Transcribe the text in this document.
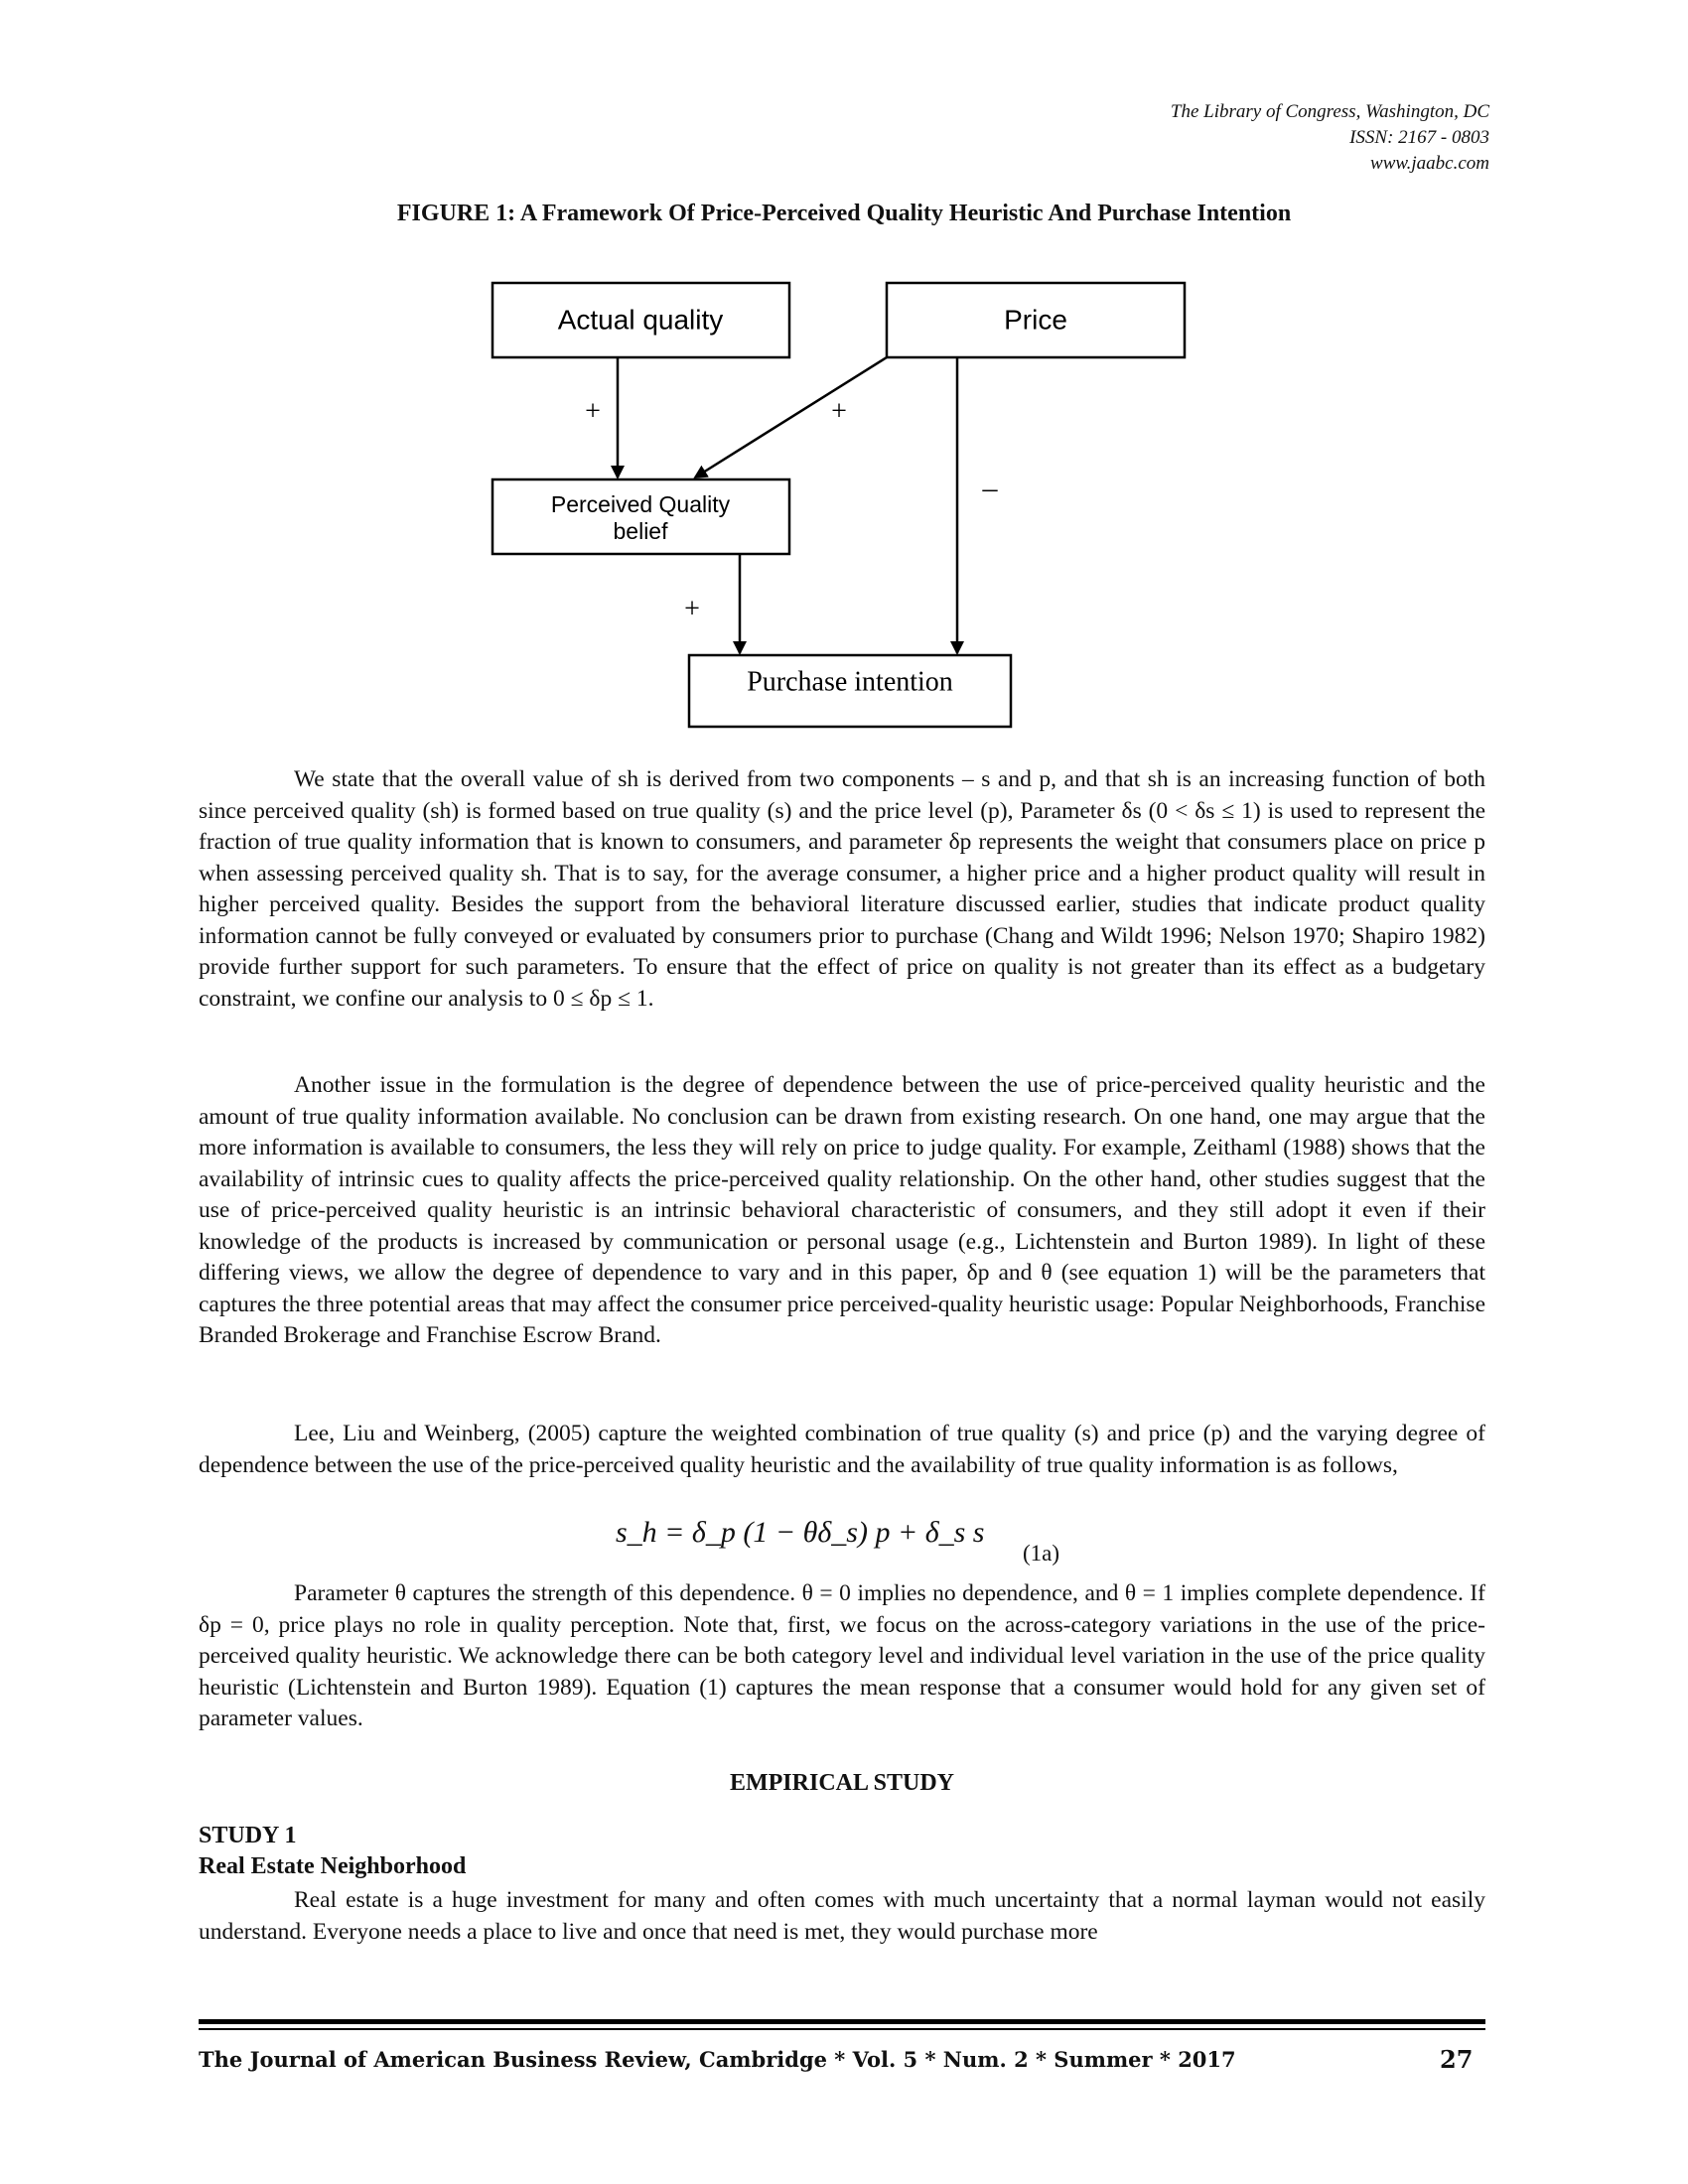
The Library of Congress, Washington, DC
ISSN: 2167 - 0803
www.jaabc.com
FIGURE 1: A Framework Of Price-Perceived Quality Heuristic And Purchase Intention
Actual quality	Price
Perceived Quality
belief
Purchase intention
+	+
–
+

We state that the overall value of sh is derived from two components – s and p, and that sh is an increasing function of both since perceived quality (sh) is formed based on true quality (s) and the price level (p), Parameter δs (0 < δs ≤ 1) is used to represent the fraction of true quality information that is known to consumers, and parameter δp represents the weight that consumers place on price p when assessing perceived quality sh. That is to say, for the average consumer, a higher price and a higher product quality will result in higher perceived quality. Besides the support from the behavioral literature discussed earlier, studies that indicate product quality information cannot be fully conveyed or evaluated by consumers prior to purchase (Chang and Wildt 1996; Nelson 1970; Shapiro 1982) provide further support for such parameters. To ensure that the effect of price on quality is not greater than its effect as a budgetary constraint, we confine our analysis to 0 ≤ δp ≤ 1.

Another issue in the formulation is the degree of dependence between the use of price-perceived quality heuristic and the amount of true quality information available. No conclusion can be drawn from existing research. On one hand, one may argue that the more information is available to consumers, the less they will rely on price to judge quality. For example, Zeithaml (1988) shows that the availability of intrinsic cues to quality affects the price-perceived quality relationship. On the other hand, other studies suggest that the use of price-perceived quality heuristic is an intrinsic behavioral characteristic of consumers, and they still adopt it even if their knowledge of the products is increased by communication or personal usage (e.g., Lichtenstein and Burton 1989). In light of these differing views, we allow the degree of dependence to vary and in this paper, δp and θ (see equation 1) will be the parameters that captures the three potential areas that may affect the consumer price perceived-quality heuristic usage: Popular Neighborhoods, Franchise Branded Brokerage and Franchise Escrow Brand.

Lee, Liu and Weinberg, (2005) capture the weighted combination of true quality (s) and price (p) and the varying degree of dependence between the use of the price-perceived quality heuristic and the availability of true quality information is as follows,

s_h = δ_p (1 − θδ_s) p + δ_s s
(1a)

Parameter θ captures the strength of this dependence. θ = 0 implies no dependence, and θ = 1 implies complete dependence. If δp = 0, price plays no role in quality perception. Note that, first, we focus on the across-category variations in the use of the price-perceived quality heuristic. We acknowledge there can be both category level and individual level variation in the use of the price quality heuristic (Lichtenstein and Burton 1989). Equation (1) captures the mean response that a consumer would hold for any given set of parameter values.

EMPIRICAL STUDY
STUDY 1
Real Estate Neighborhood

Real estate is a huge investment for many and often comes with much uncertainty that a normal layman would not easily understand. Everyone needs a place to live and once that need is met, they would purchase more

The Journal of American Business Review, Cambridge * Vol. 5 * Num. 2 * Summer * 2017	27
